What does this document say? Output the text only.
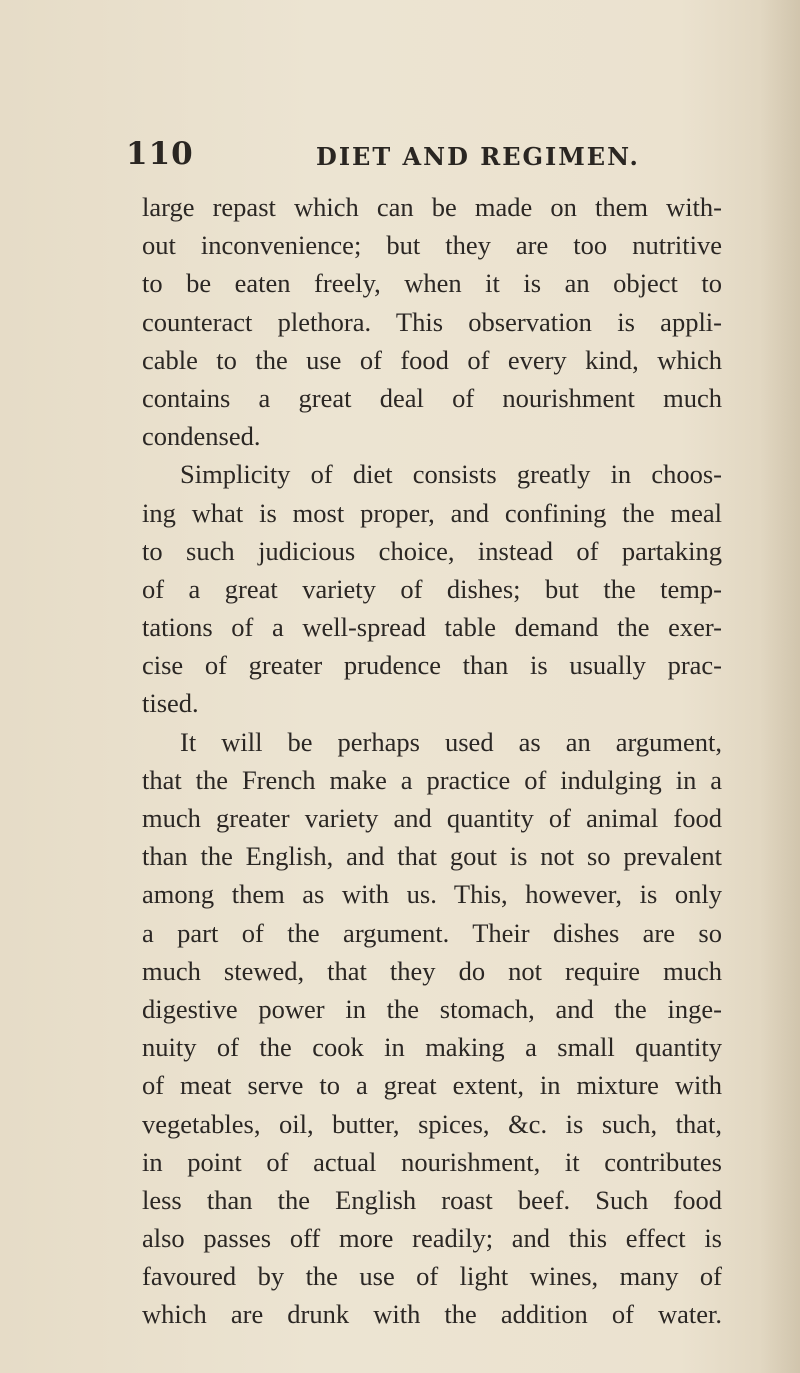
110	DIET AND REGIMEN.
large repast which can be made on them with-
out inconvenience; but they are too nutritive
to be eaten freely, when it is an object to
counteract plethora. This observation is appli-
cable to the use of food of every kind, which
contains a great deal of nourishment much
condensed.
Simplicity of diet consists greatly in choos-
ing what is most proper, and confining the meal
to such judicious choice, instead of partaking
of a great variety of dishes; but the temp-
tations of a well-spread table demand the exer-
cise of greater prudence than is usually prac-
tised.
It will be perhaps used as an argument,
that the French make a practice of indulging in a
much greater variety and quantity of animal food
than the English, and that gout is not so prevalent
among them as with us. This, however, is only
a part of the argument. Their dishes are so
much stewed, that they do not require much
digestive power in the stomach, and the inge-
nuity of the cook in making a small quantity
of meat serve to a great extent, in mixture with
vegetables, oil, butter, spices, &c. is such, that,
in point of actual nourishment, it contributes
less than the English roast beef. Such food
also passes off more readily; and this effect is
favoured by the use of light wines, many of
which are drunk with the addition of water.
